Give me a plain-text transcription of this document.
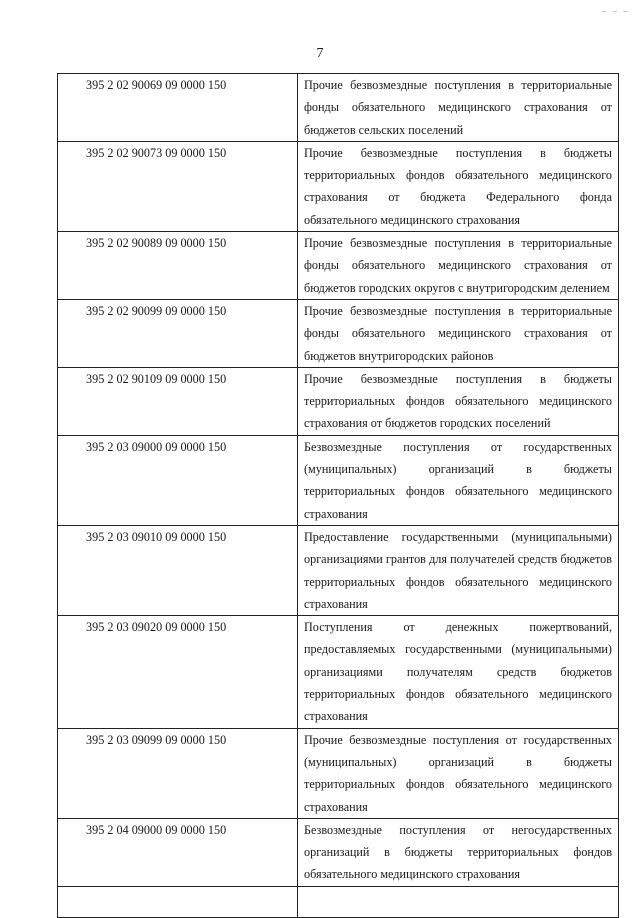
– – –
7
395 2 02 90069 09 0000 150	Прочие безвозмездные поступления в территориальные фонды обязательного медицинского страхования от бюджетов сельских поселений
395 2 02 90073 09 0000 150	Прочие безвозмездные поступления в бюджеты территориальных фондов обязательного медицинского страхования от бюджета Федерального фонда обязательного медицинского страхования
395 2 02 90089 09 0000 150	Прочие безвозмездные поступления в территориальные фонды обязательного медицинского страхования от бюджетов городских округов с внутригородским делением
395 2 02 90099 09 0000 150	Прочие безвозмездные поступления в территориальные фонды обязательного медицинского страхования от бюджетов внутригородских районов
395 2 02 90109 09 0000 150	Прочие безвозмездные поступления в бюджеты территориальных фондов обязательного медицинского страхования от бюджетов городских поселений
395 2 03 09000 09 0000 150	Безвозмездные поступления от государственных (муниципальных) организаций в бюджеты территориальных фондов обязательного медицинского страхования
395 2 03 09010 09 0000 150	Предоставление государственными (муниципальными) организациями грантов для получателей средств бюджетов территориальных фондов обязательного медицинского страхования
395 2 03 09020 09 0000 150	Поступления от денежных пожертвований, предоставляемых государственными (муниципальными) организациями получателям средств бюджетов территориальных фондов обязательного медицинского страхования
395 2 03 09099 09 0000 150	Прочие безвозмездные поступления от государственных (муниципальных) организаций в бюджеты территориальных фондов обязательного медицинского страхования
395 2 04 09000 09 0000 150	Безвозмездные поступления от негосударственных организаций в бюджеты территориальных фондов обязательного медицинского страхования
